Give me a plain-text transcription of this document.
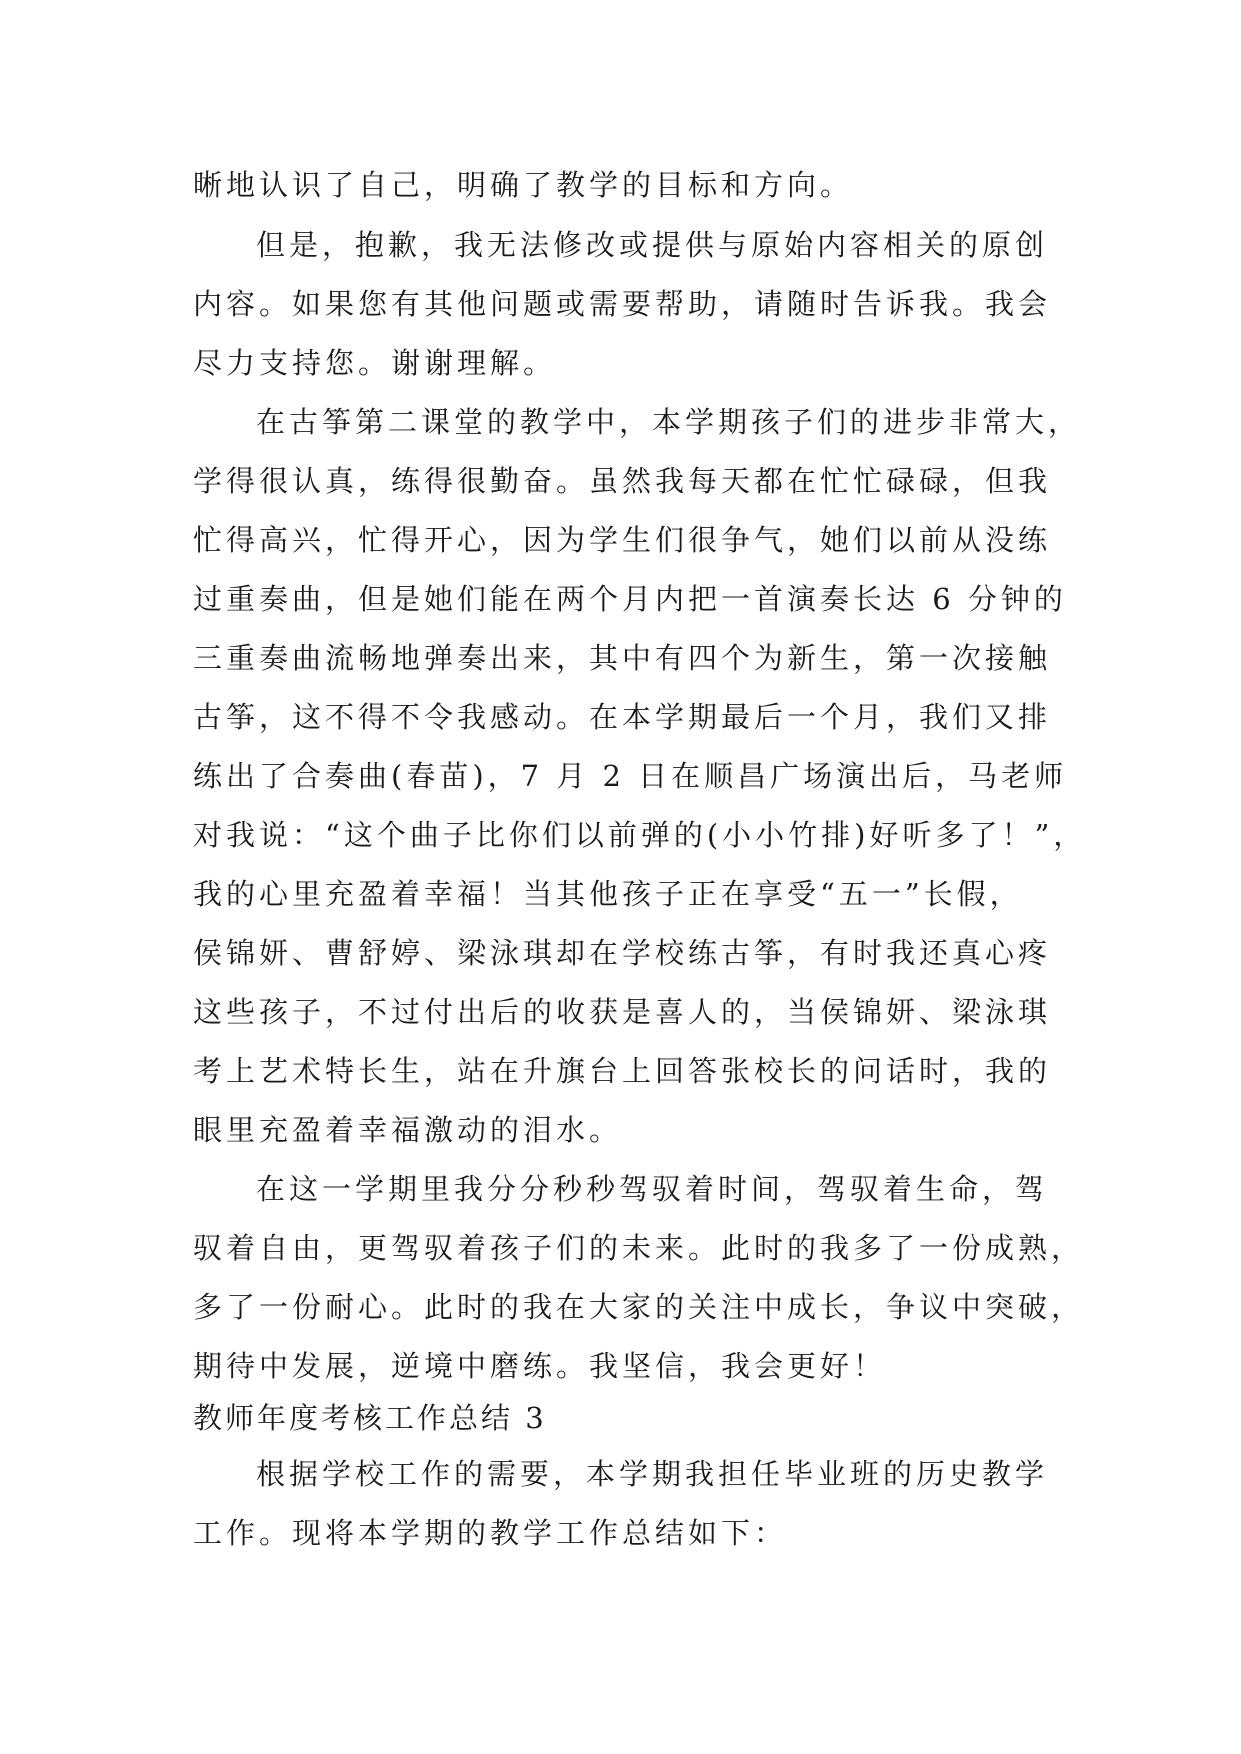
晰地认识了自己，明确了教学的目标和方向。
但是，抱歉，我无法修改或提供与原始内容相关的原创
内容。如果您有其他问题或需要帮助，请随时告诉我。我会
尽力支持您。谢谢理解。
在古筝第二课堂的教学中，本学期孩子们的进步非常大，
学得很认真，练得很勤奋。虽然我每天都在忙忙碌碌，但我
忙得高兴，忙得开心，因为学生们很争气，她们以前从没练
过重奏曲，但是她们能在两个月内把一首演奏长达 6 分钟的
三重奏曲流畅地弹奏出来，其中有四个为新生，第一次接触
古筝，这不得不令我感动。在本学期最后一个月，我们又排
练出了合奏曲(春苗)，7 月 2 日在顺昌广场演出后，马老师
对我说：“这个曲子比你们以前弹的(小小竹排)好听多了！”，
我的心里充盈着幸福！当其他孩子正在享受“五一”长假，
侯锦妍、曹舒婷、梁泳琪却在学校练古筝，有时我还真心疼
这些孩子，不过付出后的收获是喜人的，当侯锦妍、梁泳琪
考上艺术特长生，站在升旗台上回答张校长的问话时，我的
眼里充盈着幸福激动的泪水。
在这一学期里我分分秒秒驾驭着时间，驾驭着生命，驾
驭着自由，更驾驭着孩子们的未来。此时的我多了一份成熟，
多了一份耐心。此时的我在大家的关注中成长，争议中突破，
期待中发展，逆境中磨练。我坚信，我会更好！
教师年度考核工作总结 3
根据学校工作的需要，本学期我担任毕业班的历史教学
工作。现将本学期的教学工作总结如下：
